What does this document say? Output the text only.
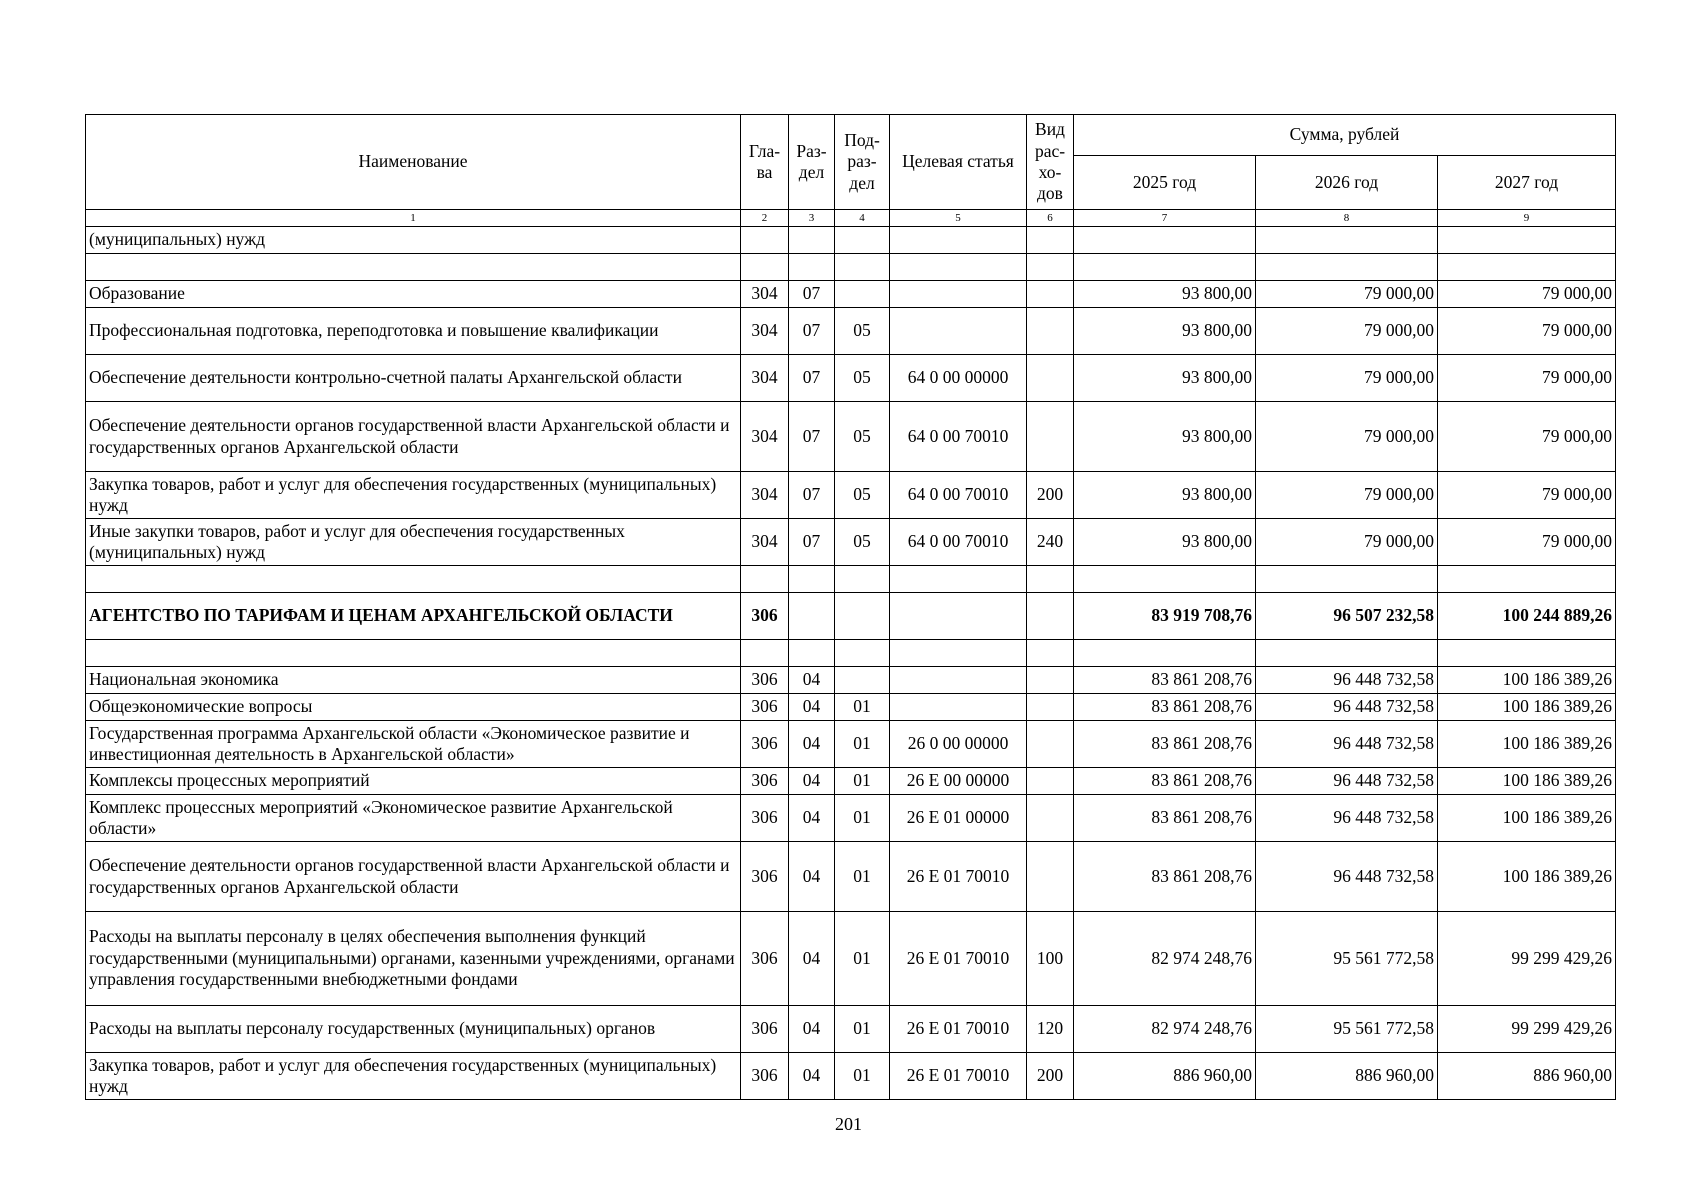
Наименование	Гла-ва	Раз-дел	Под-раз-дел	Целевая статья	Вид рас-хо-дов	Сумма, рублей		
						2025 год	2026 год	2027 год
1	2	3	4	5	6	7	8	9
(муниципальных) нужд								

Образование	304	07				93 800,00	79 000,00	79 000,00
Профессиональная подготовка, переподготовка и повышение квалификации	304	07	05			93 800,00	79 000,00	79 000,00
Обеспечение деятельности контрольно-счетной палаты Архангельской области	304	07	05	64 0 00 00000		93 800,00	79 000,00	79 000,00
Обеспечение деятельности органов государственной власти Архангельской области и государственных органов Архангельской области	304	07	05	64 0 00 70010		93 800,00	79 000,00	79 000,00
Закупка товаров, работ и услуг для обеспечения государственных (муниципальных) нужд	304	07	05	64 0 00 70010	200	93 800,00	79 000,00	79 000,00
Иные закупки товаров, работ и услуг для обеспечения государственных (муниципальных) нужд	304	07	05	64 0 00 70010	240	93 800,00	79 000,00	79 000,00

АГЕНТСТВО ПО ТАРИФАМ И ЦЕНАМ АРХАНГЕЛЬСКОЙ ОБЛАСТИ	306					83 919 708,76	96 507 232,58	100 244 889,26

Национальная экономика	306	04				83 861 208,76	96 448 732,58	100 186 389,26
Общеэкономические вопросы	306	04	01			83 861 208,76	96 448 732,58	100 186 389,26
Государственная программа Архангельской области «Экономическое развитие и инвестиционная деятельность в Архангельской области»	306	04	01	26 0 00 00000		83 861 208,76	96 448 732,58	100 186 389,26
Комплексы процессных мероприятий	306	04	01	26 Е 00 00000		83 861 208,76	96 448 732,58	100 186 389,26
Комплекс процессных мероприятий «Экономическое развитие Архангельской области»	306	04	01	26 Е 01 00000		83 861 208,76	96 448 732,58	100 186 389,26
Обеспечение деятельности органов государственной власти Архангельской области и государственных органов Архангельской области	306	04	01	26 Е 01 70010		83 861 208,76	96 448 732,58	100 186 389,26
Расходы на выплаты персоналу в целях обеспечения выполнения функций государственными (муниципальными) органами, казенными учреждениями, органами управления государственными внебюджетными фондами	306	04	01	26 Е 01 70010	100	82 974 248,76	95 561 772,58	99 299 429,26
Расходы на выплаты персоналу государственных (муниципальных) органов	306	04	01	26 Е 01 70010	120	82 974 248,76	95 561 772,58	99 299 429,26
Закупка товаров, работ и услуг для обеспечения государственных (муниципальных) нужд	306	04	01	26 Е 01 70010	200	886 960,00	886 960,00	886 960,00
201
